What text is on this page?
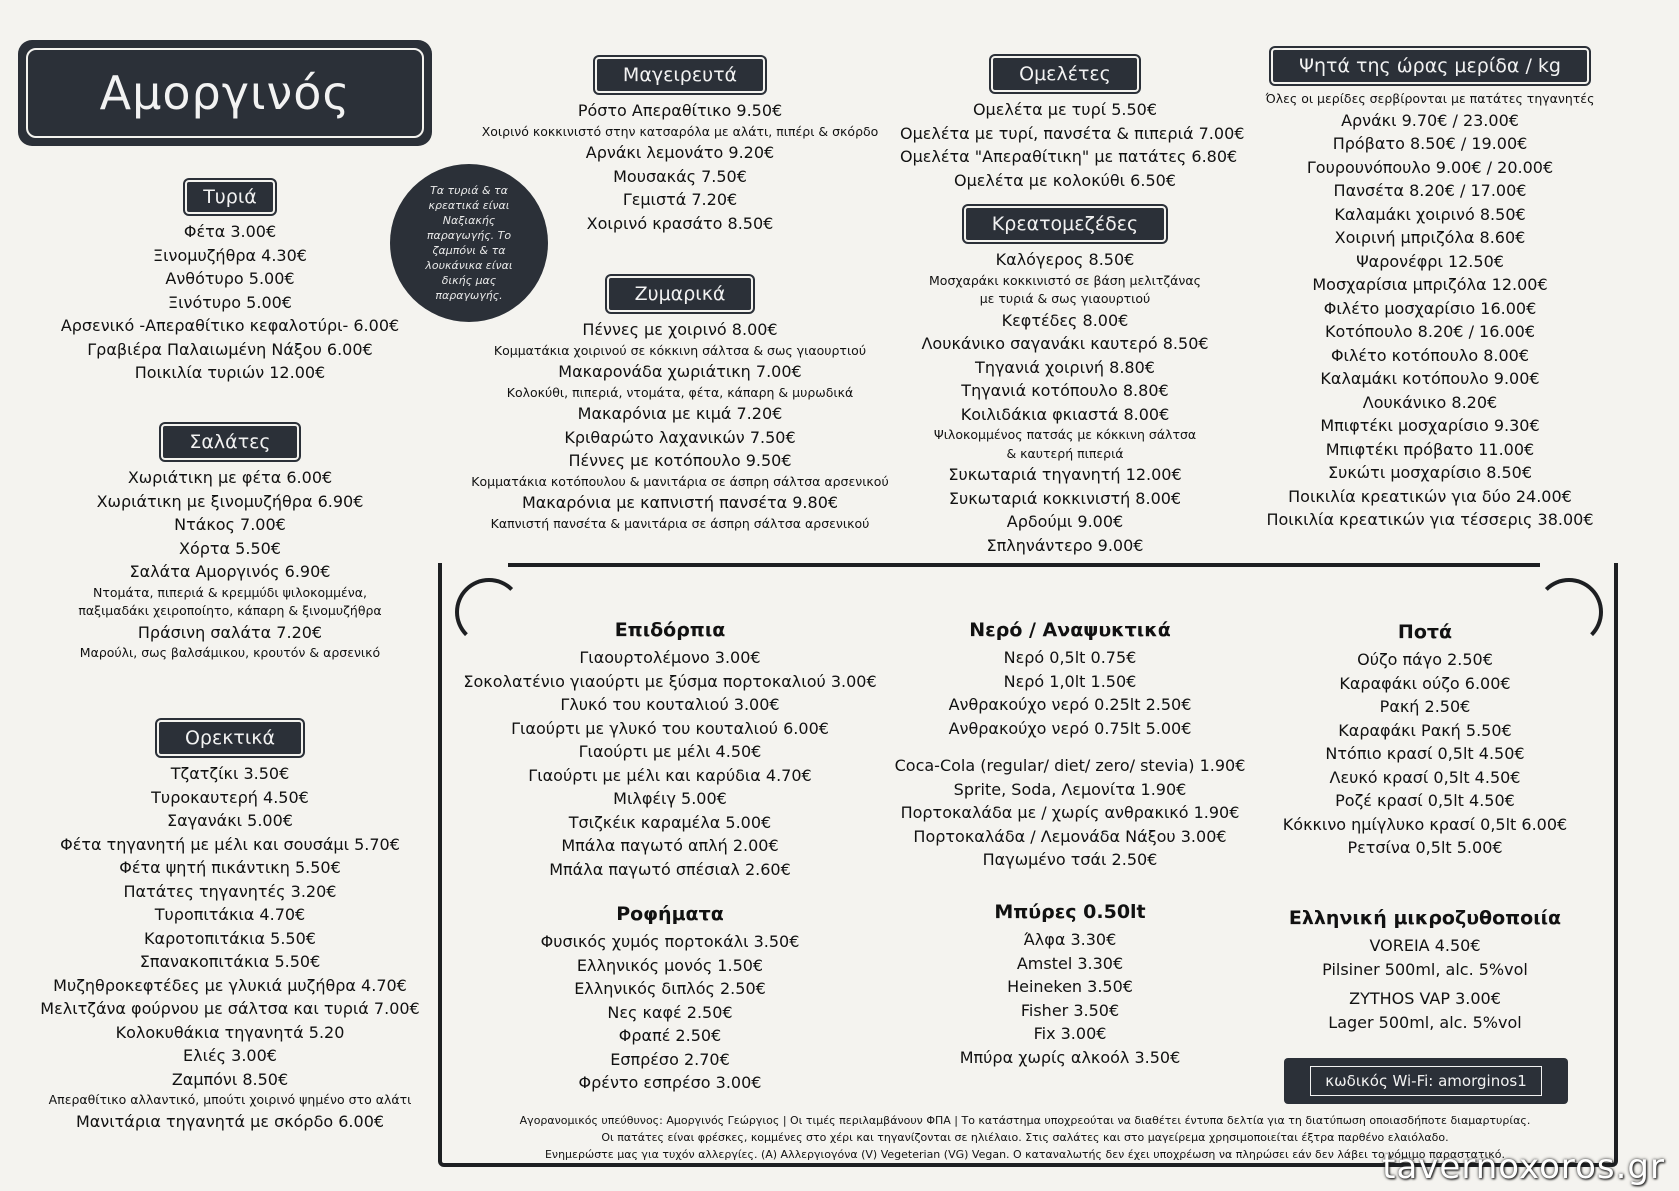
Αμοργινός
Τα τυριά & τα κρεατικά είναι Ναξιακής παραγωγής. Το ζαμπόνι & τα λουκάνικα είναι δικής μας παραγωγής.
Τυριά
Φέτα 3.00€
Ξινομυζήθρα 4.30€
Ανθότυρο 5.00€
Ξινότυρο 5.00€
Αρσενικό -Απεραθίτικο κεφαλοτύρι- 6.00€
Γραβιέρα Παλαιωμένη Νάξου 6.00€
Ποικιλία τυριών 12.00€
Σαλάτες
Χωριάτικη με φέτα 6.00€
Χωριάτικη με ξινομυζήθρα 6.90€
Ντάκος 7.00€
Χόρτα 5.50€
Σαλάτα Αμοργινός 6.90€
Ντομάτα, πιπεριά & κρεμμύδι ψιλοκομμένα,
παξιμαδάκι χειροποίητο, κάπαρη & ξινομυζήθρα
Πράσινη σαλάτα 7.20€
Μαρούλι, σως βαλσάμικου, κρουτόν & αρσενικό
Ορεκτικά
Τζατζίκι 3.50€
Τυροκαυτερή 4.50€
Σαγανάκι 5.00€
Φέτα τηγανητή με μέλι και σουσάμι 5.70€
Φέτα ψητή πικάντικη 5.50€
Πατάτες τηγανητές 3.20€
Τυροπιτάκια 4.70€
Καροτοπιτάκια 5.50€
Σπανακοπιτάκια 5.50€
Μυζηθροκεφτέδες με γλυκιά μυζήθρα 4.70€
Μελιτζάνα φούρνου με σάλτσα και τυριά 7.00€
Κολοκυθάκια τηγανητά 5.20
Ελιές 3.00€
Ζαμπόνι 8.50€
Απεραθίτικο αλλαντικό, μπούτι χοιρινό ψημένο στο αλάτι
Μανιτάρια τηγανητά με σκόρδο 6.00€
Μαγειρευτά
Ρόστο Απεραθίτικο 9.50€
Χοιρινό κοκκινιστό στην κατσαρόλα με αλάτι, πιπέρι & σκόρδο
Αρνάκι λεμονάτο 9.20€
Μουσακάς 7.50€
Γεμιστά 7.20€
Χοιρινό κρασάτο 8.50€
Ζυμαρικά
Πέννες με χοιρινό 8.00€
Κομματάκια χοιρινού σε κόκκινη σάλτσα & σως γιαουρτιού
Μακαρονάδα χωριάτικη 7.00€
Κολοκύθι, πιπεριά, ντομάτα, φέτα, κάπαρη & μυρωδικά
Μακαρόνια με κιμά 7.20€
Κριθαρώτο λαχανικών 7.50€
Πέννες με κοτόπουλο 9.50€
Κομματάκια κοτόπουλου & μανιτάρια σε άσπρη σάλτσα αρσενικού
Μακαρόνια με καπνιστή πανσέτα 9.80€
Καπνιστή πανσέτα & μανιτάρια σε άσπρη σάλτσα αρσενικού
Ομελέτες
Ομελέτα με τυρί 5.50€
Ομελέτα με τυρί, πανσέτα & πιπεριά 7.00€
Ομελέτα "Απεραθίτικη" με πατάτες 6.80€
Ομελέτα με κολοκύθι 6.50€
Κρεατομεζέδες
Καλόγερος 8.50€
Μοσχαράκι κοκκινιστό σε βάση μελιτζάνας
με τυριά & σως γιαουρτιού
Κεφτέδες 8.00€
Λουκάνικο σαγανάκι καυτερό 8.50€
Τηγανιά χοιρινή 8.80€
Τηγανιά κοτόπουλο 8.80€
Κοιλιδάκια φκιαστά 8.00€
Ψιλοκομμένος πατσάς με κόκκινη σάλτσα
& καυτερή πιπεριά
Συκωταριά τηγανητή 12.00€
Συκωταριά κοκκινιστή 8.00€
Αρδούμι 9.00€
Σπληνάντερο 9.00€
Ψητά της ώρας μερίδα / kg
Όλες οι μερίδες σερβίρονται με πατάτες τηγανητές
Αρνάκι 9.70€ / 23.00€
Πρόβατο 8.50€ / 19.00€
Γουρουνόπουλο 9.00€ / 20.00€
Πανσέτα 8.20€ / 17.00€
Καλαμάκι χοιρινό 8.50€
Χοιρινή μπριζόλα 8.60€
Ψαρονέφρι 12.50€
Μοσχαρίσια μπριζόλα 12.00€
Φιλέτο μοσχαρίσιο 16.00€
Κοτόπουλο 8.20€ / 16.00€
Φιλέτο κοτόπουλο 8.00€
Καλαμάκι κοτόπουλο 9.00€
Λουκάνικο 8.20€
Μπιφτέκι μοσχαρίσιο 9.30€
Μπιφτέκι πρόβατο 11.00€
Συκώτι μοσχαρίσιο 8.50€
Ποικιλία κρεατικών για δύο 24.00€
Ποικιλία κρεατικών για τέσσερις 38.00€
Επιδόρπια
Γιαουρτολέμονο 3.00€
Σοκολατένιο γιαούρτι με ξύσμα πορτοκαλιού 3.00€
Γλυκό του κουταλιού 3.00€
Γιαούρτι με γλυκό του κουταλιού 6.00€
Γιαούρτι με μέλι 4.50€
Γιαούρτι με μέλι και καρύδια 4.70€
Μιλφέιγ 5.00€
Τσιζκέικ καραμέλα 5.00€
Μπάλα παγωτό απλή 2.00€
Μπάλα παγωτό σπέσιαλ 2.60€
Ροφήματα
Φυσικός χυμός πορτοκάλι 3.50€
Ελληνικός μονός 1.50€
Ελληνικός διπλός 2.50€
Νες καφέ 2.50€
Φραπέ 2.50€
Εσπρέσο 2.70€
Φρέντο εσπρέσο 3.00€
Νερό / Αναψυκτικά
Νερό 0,5lt 0.75€
Νερό 1,0lt 1.50€
Ανθρακούχο νερό 0.25lt 2.50€
Ανθρακούχο νερό 0.75lt 5.00€
Coca-Cola (regular/ diet/ zero/ stevia) 1.90€
Sprite, Soda, Λεμονίτα 1.90€
Πορτοκαλάδα με / χωρίς ανθρακικό 1.90€
Πορτοκαλάδα / Λεμονάδα Νάξου 3.00€
Παγωμένο τσάι 2.50€
Μπύρες 0.50lt
Άλφα 3.30€
Amstel 3.30€
Heineken 3.50€
Fisher 3.50€
Fix 3.00€
Μπύρα χωρίς αλκοόλ 3.50€
Ποτά
Ούζο πάγο 2.50€
Καραφάκι ούζο 6.00€
Ρακή 2.50€
Καραφάκι Ρακή 5.50€
Ντόπιο κρασί 0,5lt 4.50€
Λευκό κρασί 0,5lt 4.50€
Ροζέ κρασί 0,5lt 4.50€
Κόκκινο ημίγλυκο κρασί 0,5lt 6.00€
Ρετσίνα 0,5lt 5.00€
Ελληνική μικροζυθοποιία
VOREIA 4.50€
Pilsiner 500ml, alc. 5%vol
ZYTHOS VAP 3.00€
Lager 500ml, alc. 5%vol
κωδικός Wi-Fi: amorginos1
Αγορανομικός υπεύθυνος: Αμοργινός Γεώργιος | Οι τιμές περιλαμβάνουν ΦΠΑ | Το κατάστημα υποχρεούται να διαθέτει έντυπα δελτία για τη διατύπωση οποιασδήποτε διαμαρτυρίας.
Οι πατάτες είναι φρέσκες, κομμένες στο χέρι και τηγανίζονται σε ηλιέλαιο. Στις σαλάτες και στο μαγείρεμα χρησιμοποιείται έξτρα παρθένο ελαιόλαδο.
Ενημερώστε μας για τυχόν αλλεργίες. (A) Αλλεργιογόνα (V) Vegeterian (VG) Vegan. Ο καταναλωτής δεν έχει υποχρέωση να πληρώσει εάν δεν λάβει το νόμιμο παραστατικό.
tavernoxoros.gr
